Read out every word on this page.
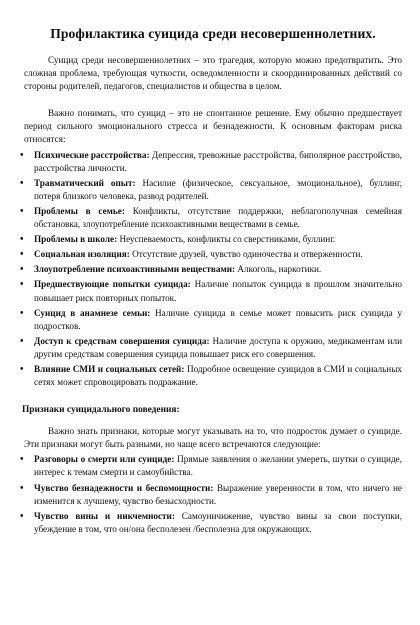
Профилактика суицида среди несовершеннолетних.

Суицид среди несовершеннолетних – это трагедия, которую можно предотвратить. Это сложная проблема, требующая чуткости, осведомленности и скоординированных действий со стороны родителей, педагогов, специалистов и общества в целом.

Важно понимать, что суицид – это не спонтанное решение. Ему обычно предшествует период сильного эмоционального стресса и безнадежности. К основным факторам риска относятся:

• Психические расстройства: Депрессия, тревожные расстройства, биполярное расстройство, расстройства личности.
• Травматический опыт: Насилие (физическое, сексуальное, эмоциональное), буллинг, потеря близкого человека, развод родителей.
• Проблемы в семье: Конфликты, отсутствие поддержки, неблагополучная семейная обстановка, злоупотребление психоактивными веществами в семье.
• Проблемы в школе: Неуспеваемость, конфликты со сверстниками, буллинг.
• Социальная изоляция: Отсутствие друзей, чувство одиночества и отверженности.
• Злоупотребление психоактивными веществами: Алкоголь, наркотики.
• Предшествующие попытки суицида: Наличие попыток суицида в прошлом значительно повышает риск повторных попыток.
• Суицид в анамнезе семьи: Наличие суицида в семье может повысить риск суицида у подростков.
• Доступ к средствам совершения суицида: Наличие доступа к оружию, медикаментам или другим средствам совершения суицида повышает риск его совершения.
• Влияние СМИ и социальных сетей: Подробное освещение суицидов в СМИ и социальных сетях может спровоцировать подражание.
Признаки суицидального поведения:

Важно знать признаки, которые могут указывать на то, что подросток думает о суициде. Эти признаки могут быть разными, но чаще всего встречаются следующие:

• Разговоры о смерти или суициде: Прямые заявления о желании умереть, шутки о суициде, интерес к темам смерти и самоубийства.
• Чувство безнадежности и беспомощности: Выражение уверенности в том, что ничего не изменится к лучшему, чувство безысходности.
• Чувство вины и никчемности: Самоуничижение, чувство вины за свои поступки, убеждение в том, что он/она бесполезен /бесполезна для окружающих.
